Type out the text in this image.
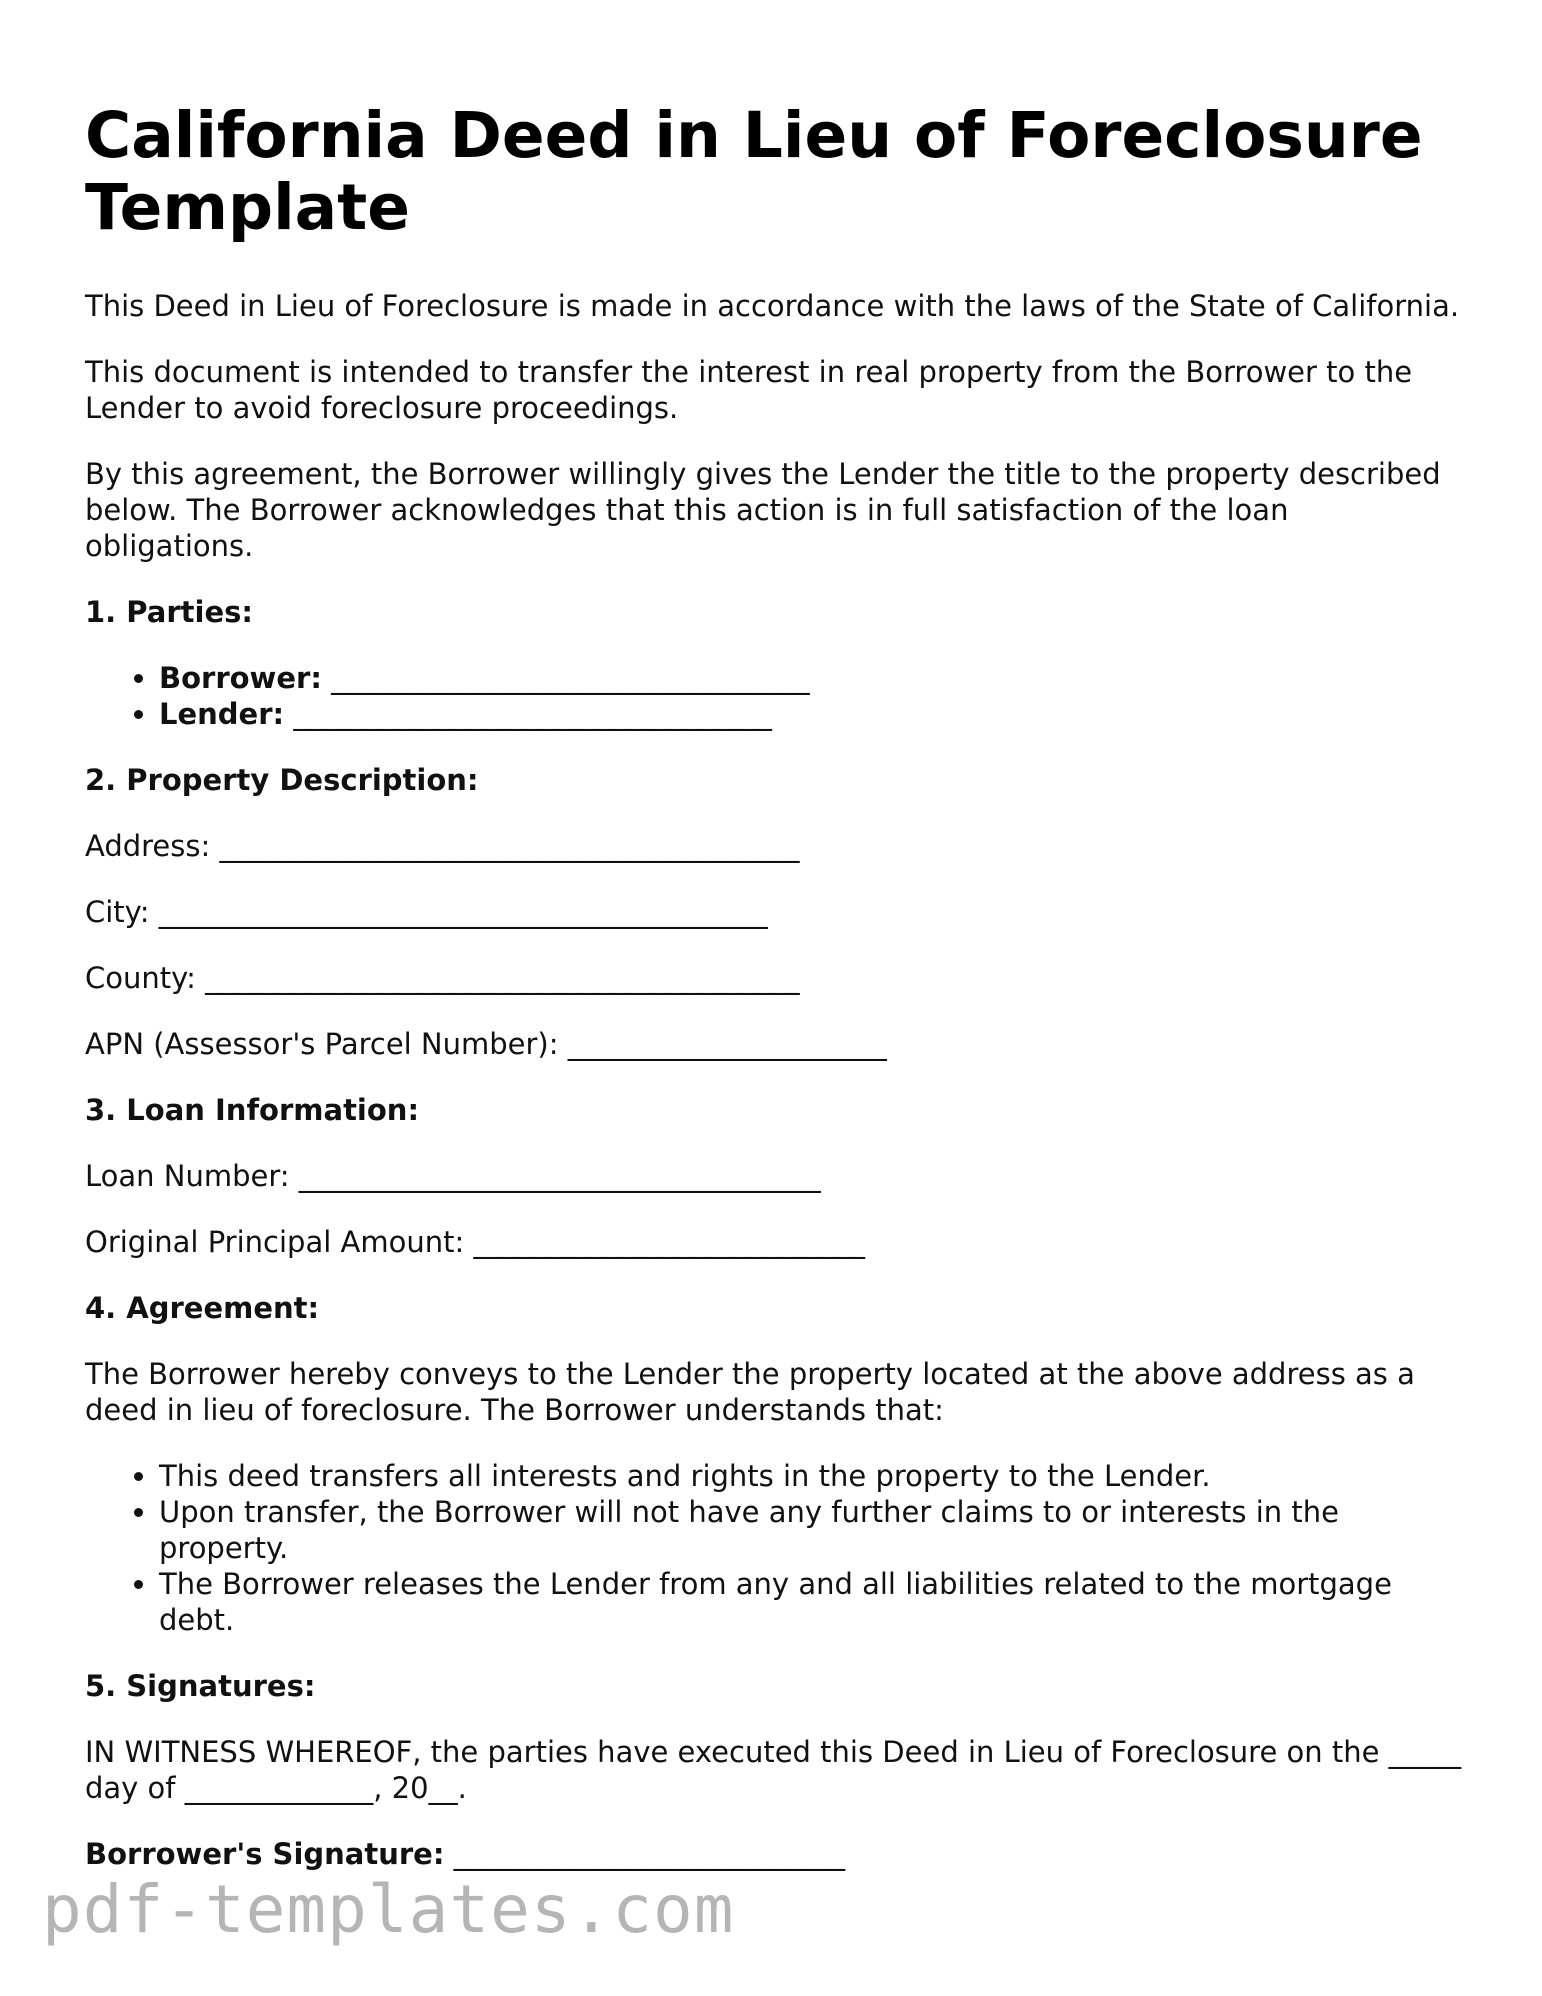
California Deed in Lieu of Foreclosure Template

This Deed in Lieu of Foreclosure is made in accordance with the laws of the State of California.

This document is intended to transfer the interest in real property from the Borrower to the Lender to avoid foreclosure proceedings.

By this agreement, the Borrower willingly gives the Lender the title to the property described below. The Borrower acknowledges that this action is in full satisfaction of the loan obligations.

1. Parties:
• Borrower: _________________________________
• Lender: _________________________________
2. Property Description:

Address: ________________________________________

City: __________________________________________

County: _________________________________________

APN (Assessor's Parcel Number): ______________________

3. Loan Information:

Loan Number: ____________________________________

Original Principal Amount: ___________________________

4. Agreement:

The Borrower hereby conveys to the Lender the property located at the above address as a deed in lieu of foreclosure. The Borrower understands that:

• This deed transfers all interests and rights in the property to the Lender.
• Upon transfer, the Borrower will not have any further claims to or interests in the property.
• The Borrower releases the Lender from any and all liabilities related to the mortgage debt.
5. Signatures:

IN WITNESS WHEREOF, the parties have executed this Deed in Lieu of Foreclosure on the _____ day of _____________, 20__.

Borrower's Signature: ___________________________

pdf-templates.com
